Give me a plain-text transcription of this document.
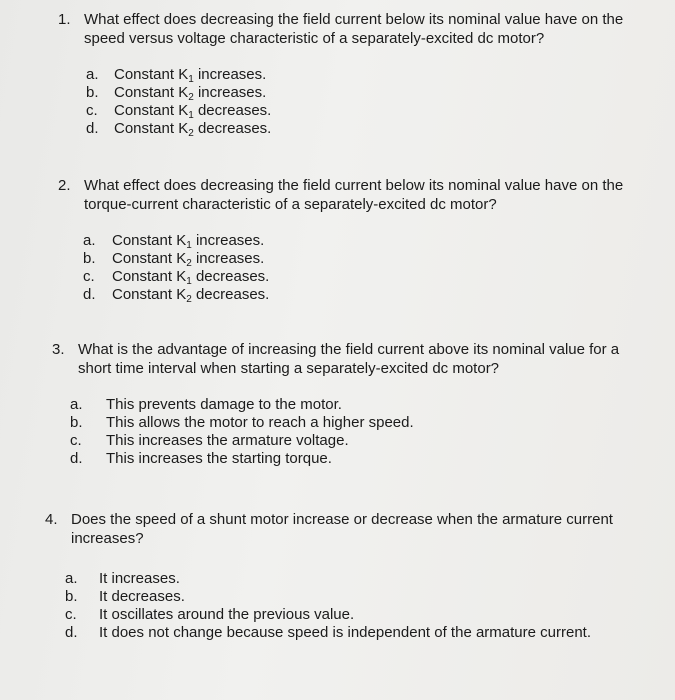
1. What effect does decreasing the field current below its nominal value have on the speed versus voltage characteristic of a separately-excited dc motor?
a.	Constant $K_1$ increases.
b.	Constant $K_2$ increases.
c.	Constant $K_1$ decreases.
d.	Constant $K_2$ decreases.
2. What effect does decreasing the field current below its nominal value have on the torque-current characteristic of a separately-excited dc motor?
a.	Constant $K_1$ increases.
b.	Constant $K_2$ increases.
c.	Constant $K_1$ decreases.
d.	Constant $K_2$ decreases.
3. What is the advantage of increasing the field current above its nominal value for a short time interval when starting a separately-excited dc motor?
a.	This prevents damage to the motor.
b.	This allows the motor to reach a higher speed.
c.	This increases the armature voltage.
d.	This increases the starting torque.
4. Does the speed of a shunt motor increase or decrease when the armature current increases?
a.	It increases.
b.	It decreases.
c.	It oscillates around the previous value.
d.	It does not change because speed is independent of the armature current.
